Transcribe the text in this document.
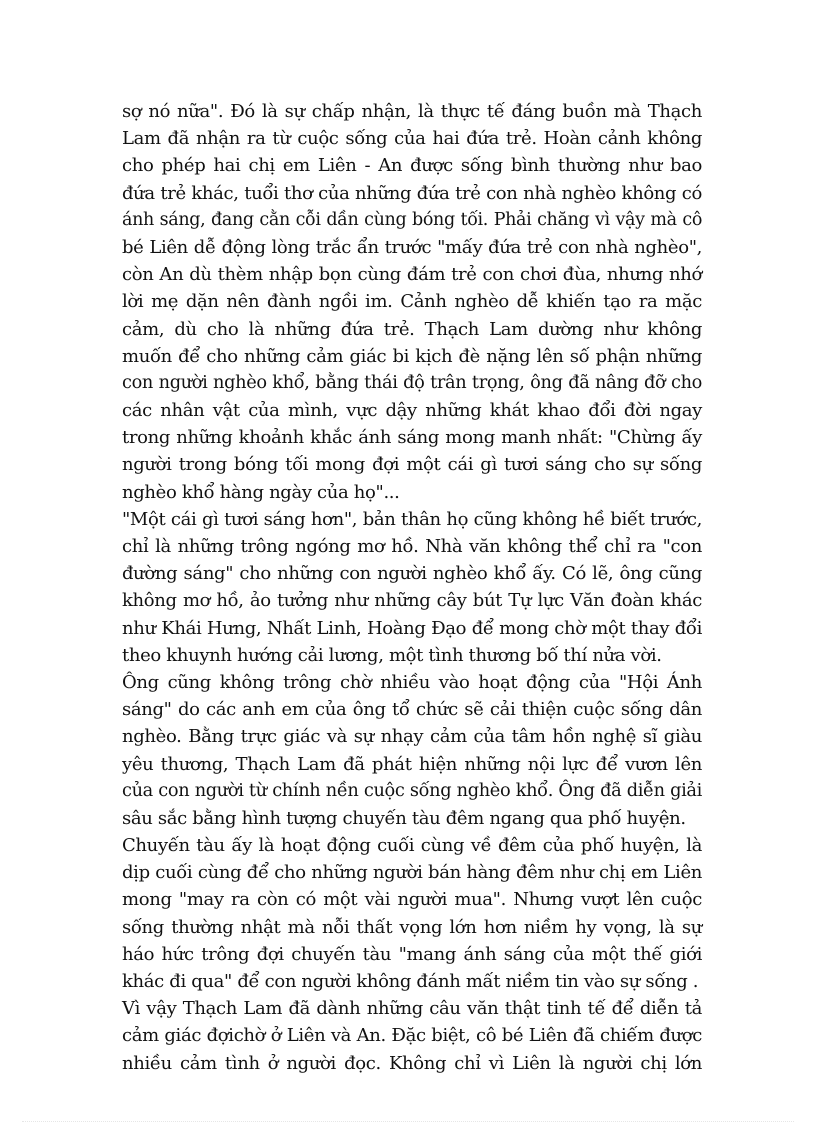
sợ nó nữa". Đó là sự chấp nhận, là thực tế đáng buồn mà Thạch
Lam đã nhận ra từ cuộc sống của hai đứa trẻ. Hoàn cảnh không
cho phép hai chị em Liên - An được sống bình thường như bao
đứa trẻ khác, tuổi thơ của những đứa trẻ con nhà nghèo không có
ánh sáng, đang cằn cỗi dần cùng bóng tối. Phải chăng vì vậy mà cô
bé Liên dễ động lòng trắc ẩn trước "mấy đứa trẻ con nhà nghèo",
còn An dù thèm nhập bọn cùng đám trẻ con chơi đùa, nhưng nhớ
lời mẹ dặn nên đành ngồi im. Cảnh nghèo dễ khiến tạo ra mặc
cảm, dù cho là những đứa trẻ. Thạch Lam dường như không
muốn để cho những cảm giác bi kịch đè nặng lên số phận những
con người nghèo khổ, bằng thái độ trân trọng, ông đã nâng đỡ cho
các nhân vật của mình, vực dậy những khát khao đổi đời ngay
trong những khoảnh khắc ánh sáng mong manh nhất: "Chừng ấy
người trong bóng tối mong đợi một cái gì tươi sáng cho sự sống
nghèo khổ hàng ngày của họ"...
"Một cái gì tươi sáng hơn", bản thân họ cũng không hề biết trước,
chỉ là những trông ngóng mơ hồ. Nhà văn không thể chỉ ra "con
đường sáng" cho những con người nghèo khổ ấy. Có lẽ, ông cũng
không mơ hồ, ảo tưởng như những cây bút Tự lực Văn đoàn khác
như Khái Hưng, Nhất Linh, Hoàng Đạo để mong chờ một thay đổi
theo khuynh hướng cải lương, một tình thương bố thí nửa vời.
Ông cũng không trông chờ nhiều vào hoạt động của "Hội Ánh
sáng" do các anh em của ông tổ chức sẽ cải thiện cuộc sống dân
nghèo. Bằng trực giác và sự nhạy cảm của tâm hồn nghệ sĩ giàu
yêu thương, Thạch Lam đã phát hiện những nội lực để vươn lên
của con người từ chính nền cuộc sống nghèo khổ. Ông đã diễn giải
sâu sắc bằng hình tượng chuyến tàu đêm ngang qua phố huyện.
Chuyến tàu ấy là hoạt động cuối cùng về đêm của phố huyện, là
dịp cuối cùng để cho những người bán hàng đêm như chị em Liên
mong "may ra còn có một vài người mua". Nhưng vượt lên cuộc
sống thường nhật mà nỗi thất vọng lớn hơn niềm hy vọng, là sự
háo hức trông đợi chuyến tàu "mang ánh sáng của một thế giới
khác đi qua" để con người không đánh mất niềm tin vào sự sống .
Vì vậy Thạch Lam đã dành những câu văn thật tinh tế để diễn tả
cảm giác đợichờ ở Liên và An. Đặc biệt, cô bé Liên đã chiếm được
nhiều cảm tình ở người đọc. Không chỉ vì Liên là người chị lớn
